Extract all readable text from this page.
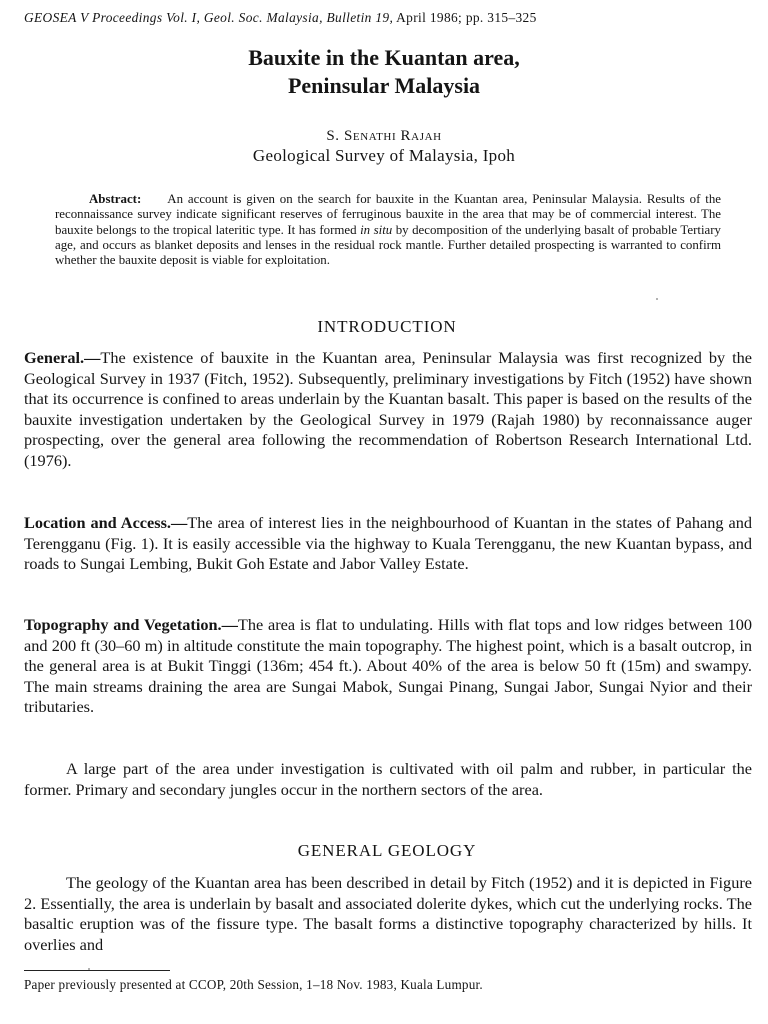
GEOSEA V Proceedings Vol. I, Geol. Soc. Malaysia, Bulletin 19, April 1986; pp. 315–325
Bauxite in the Kuantan area,
Peninsular Malaysia
S. Senathi Rajah
Geological Survey of Malaysia, Ipoh
Abstract: An account is given on the search for bauxite in the Kuantan area, Peninsular Malaysia. Results of the reconnaissance survey indicate significant reserves of ferruginous bauxite in the area that may be of commercial interest. The bauxite belongs to the tropical lateritic type. It has formed in situ by decomposition of the underlying basalt of probable Tertiary age, and occurs as blanket deposits and lenses in the residual rock mantle. Further detailed prospecting is warranted to confirm whether the bauxite deposit is viable for exploitation.
INTRODUCTION
General.—The existence of bauxite in the Kuantan area, Peninsular Malaysia was first recognized by the Geological Survey in 1937 (Fitch, 1952). Subsequently, preliminary investigations by Fitch (1952) have shown that its occurrence is confined to areas underlain by the Kuantan basalt. This paper is based on the results of the bauxite investigation undertaken by the Geological Survey in 1979 (Rajah 1980) by reconnaissance auger prospecting, over the general area following the recommendation of Robertson Research International Ltd. (1976).
Location and Access.—The area of interest lies in the neighbourhood of Kuantan in the states of Pahang and Terengganu (Fig. 1). It is easily accessible via the highway to Kuala Terengganu, the new Kuantan bypass, and roads to Sungai Lembing, Bukit Goh Estate and Jabor Valley Estate.
Topography and Vegetation.—The area is flat to undulating. Hills with flat tops and low ridges between 100 and 200 ft (30–60 m) in altitude constitute the main topography. The highest point, which is a basalt outcrop, in the general area is at Bukit Tinggi (136m; 454 ft.). About 40% of the area is below 50 ft (15m) and swampy. The main streams draining the area are Sungai Mabok, Sungai Pinang, Sungai Jabor, Sungai Nyior and their tributaries.
A large part of the area under investigation is cultivated with oil palm and rubber, in particular the former. Primary and secondary jungles occur in the northern sectors of the area.
GENERAL GEOLOGY
The geology of the Kuantan area has been described in detail by Fitch (1952) and it is depicted in Figure 2. Essentially, the area is underlain by basalt and associated dolerite dykes, which cut the underlying rocks. The basaltic eruption was of the fissure type. The basalt forms a distinctive topography characterized by hills. It overlies and
Paper previously presented at CCOP, 20th Session, 1–18 Nov. 1983, Kuala Lumpur.
